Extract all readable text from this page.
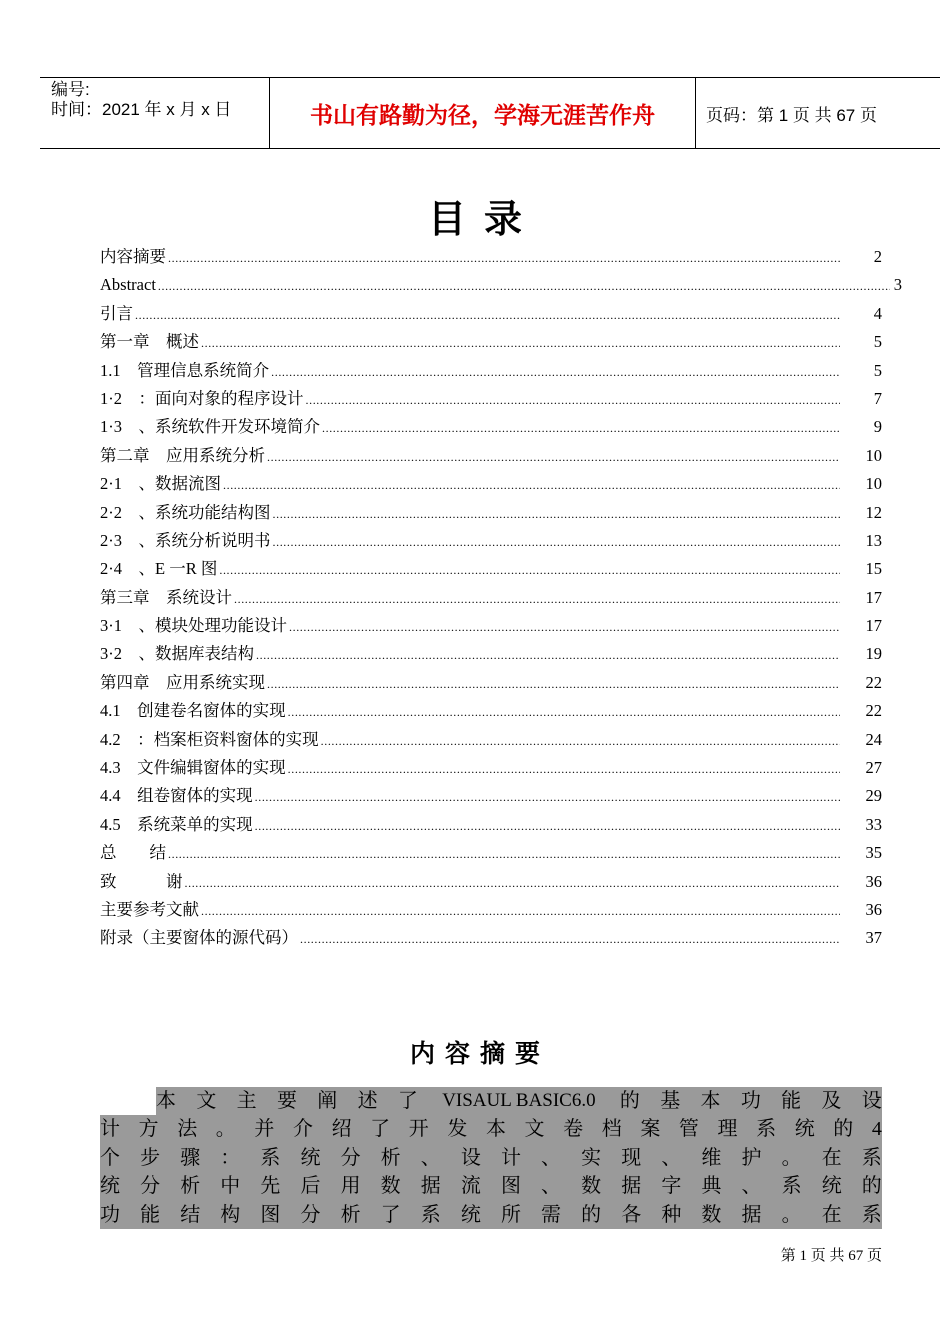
编号:
时间：2021 年 x 月 x 日	书山有路勤为径，学海无涯苦作舟	页码：第 1 页 共 67 页
目录
内容摘要 .....	2
Abstract .....	3
引言 .....	4
第一章　概述 .....	5
1.1　管理信息系统简介 .....	5
1·2　：面向对象的程序设计 .....	7
1·3　、系统软件开发环境简介 .....	9
第二章　应用系统分析 .....	10
2·1　、数据流图 .....	10
2·2　、系统功能结构图 .....	12
2·3　、系统分析说明书 .....	13
2·4　、E 一R 图 .....	15
第三章　系统设计 .....	17
3·1　、模块处理功能设计 .....	17
3·2　、数据库表结构 .....	19
第四章　应用系统实现 .....	22
4.1　创建卷名窗体的实现 .....	22
4.2　：档案柜资料窗体的实现 .....	24
4.3　文件编辑窗体的实现 .....	27
4.4　组卷窗体的实现 .....	29
4.5　系统菜单的实现 .....	33
总　　结 .....	35
致　　　谢 .....	36
主要参考文献 .....	36
附录（主要窗体的源代码） .....	37
内容摘要
本 文 主 要 阐 述 了 VISAUL BASIC6.0 的 基 本 功 能 及 设
计 方 法 。 并 介 绍 了 开 发 本 文 卷 档 案 管 理 系 统 的 4
个 步 骤 ： 系 统 分 析 、 设 计 、 实 现 、 维 护 。 在 系
统 分 析 中 先 后 用 数 据 流 图 、 数 据 字 典 、 系 统 的
功 能 结 构 图 分 析 了 系 统 所 需 的 各 种 数 据 。 在 系
第 1 页 共 67 页
